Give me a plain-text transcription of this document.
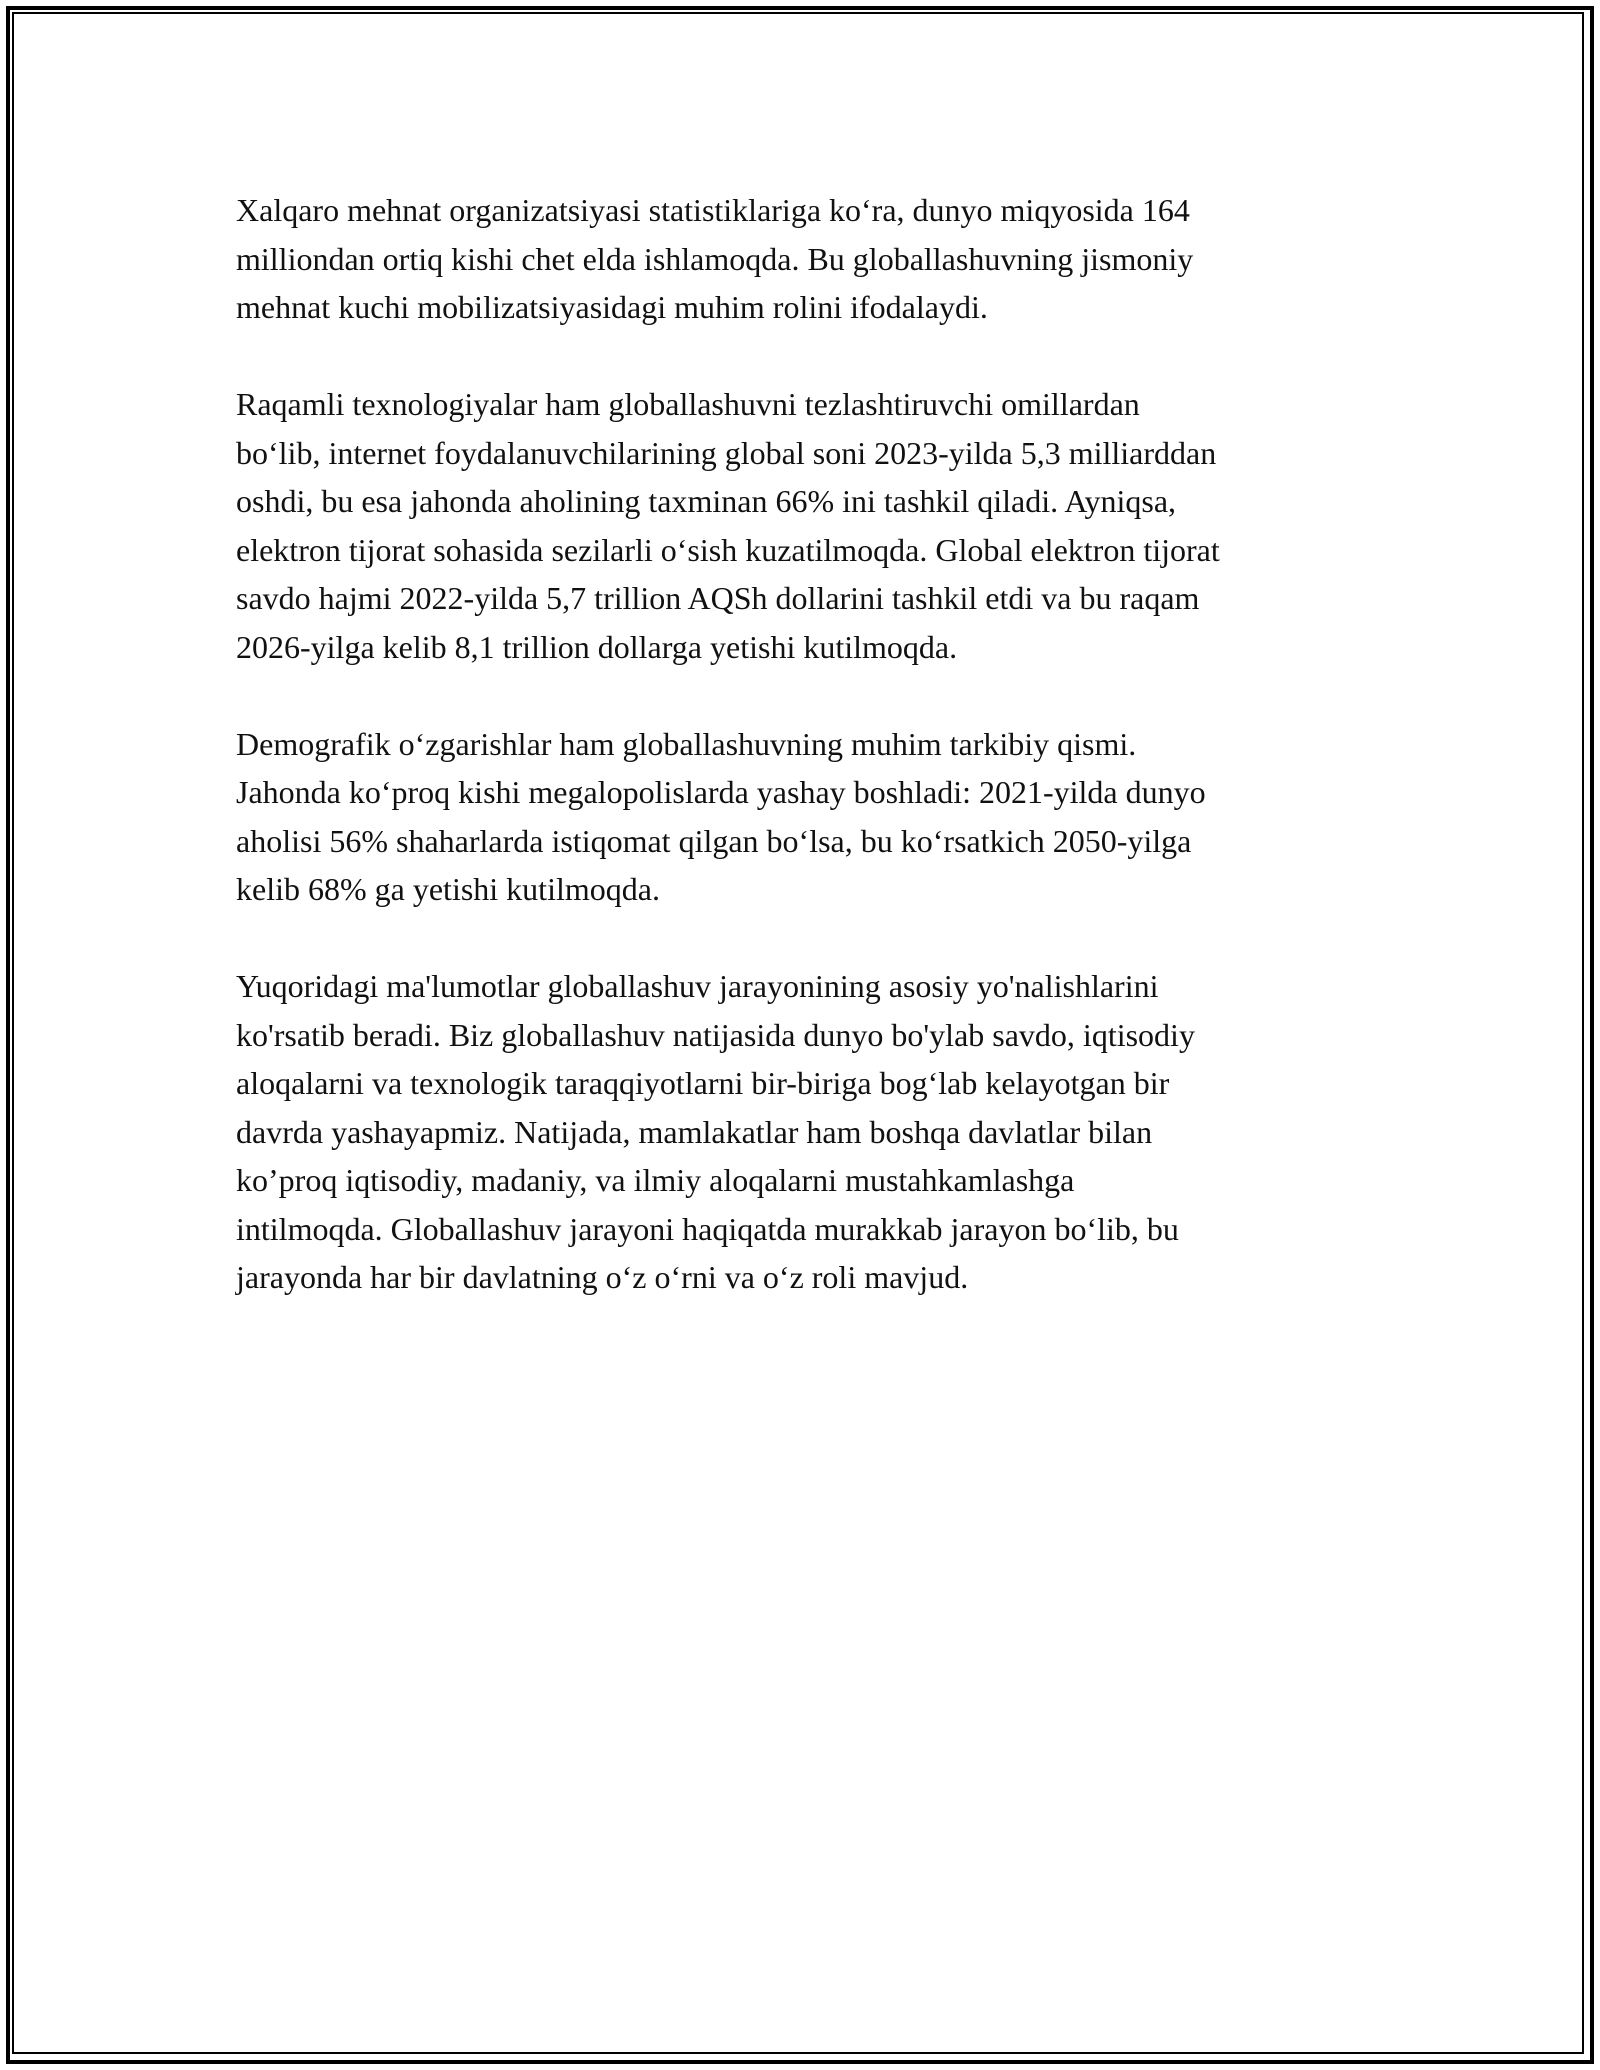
Xalqaro mehnat organizatsiyasi statistiklariga koʻra, dunyo miqyosida 164
milliondan ortiq kishi chet elda ishlamoqda. Bu globallashuvning jismoniy
mehnat kuchi mobilizatsiyasidagi muhim rolini ifodalaydi.

Raqamli texnologiyalar ham globallashuvni tezlashtiruvchi omillardan
boʻlib, internet foydalanuvchilarining global soni 2023-yilda 5,3 milliarddan
oshdi, bu esa jahonda aholining taxminan 66% ini tashkil qiladi. Ayniqsa,
elektron tijorat sohasida sezilarli oʻsish kuzatilmoqda. Global elektron tijorat
savdo hajmi 2022-yilda 5,7 trillion AQSh dollarini tashkil etdi va bu raqam
2026-yilga kelib 8,1 trillion dollarga yetishi kutilmoqda.

Demografik oʻzgarishlar ham globallashuvning muhim tarkibiy qismi.
Jahonda koʻproq kishi megalopolislarda yashay boshladi: 2021-yilda dunyo
aholisi 56% shaharlarda istiqomat qilgan boʻlsa, bu koʻrsatkich 2050-yilga
kelib 68% ga yetishi kutilmoqda.

Yuqoridagi ma'lumotlar globallashuv jarayonining asosiy yo'nalishlarini
ko'rsatib beradi. Biz globallashuv natijasida dunyo bo'ylab savdo, iqtisodiy
aloqalarni va texnologik taraqqiyotlarni bir-biriga bogʻlab kelayotgan bir
davrda yashayapmiz. Natijada, mamlakatlar ham boshqa davlatlar bilan
ko’proq iqtisodiy, madaniy, va ilmiy aloqalarni mustahkamlashga
intilmoqda. Globallashuv jarayoni haqiqatda murakkab jarayon boʻlib, bu
jarayonda har bir davlatning oʻz oʻrni va oʻz roli mavjud.
